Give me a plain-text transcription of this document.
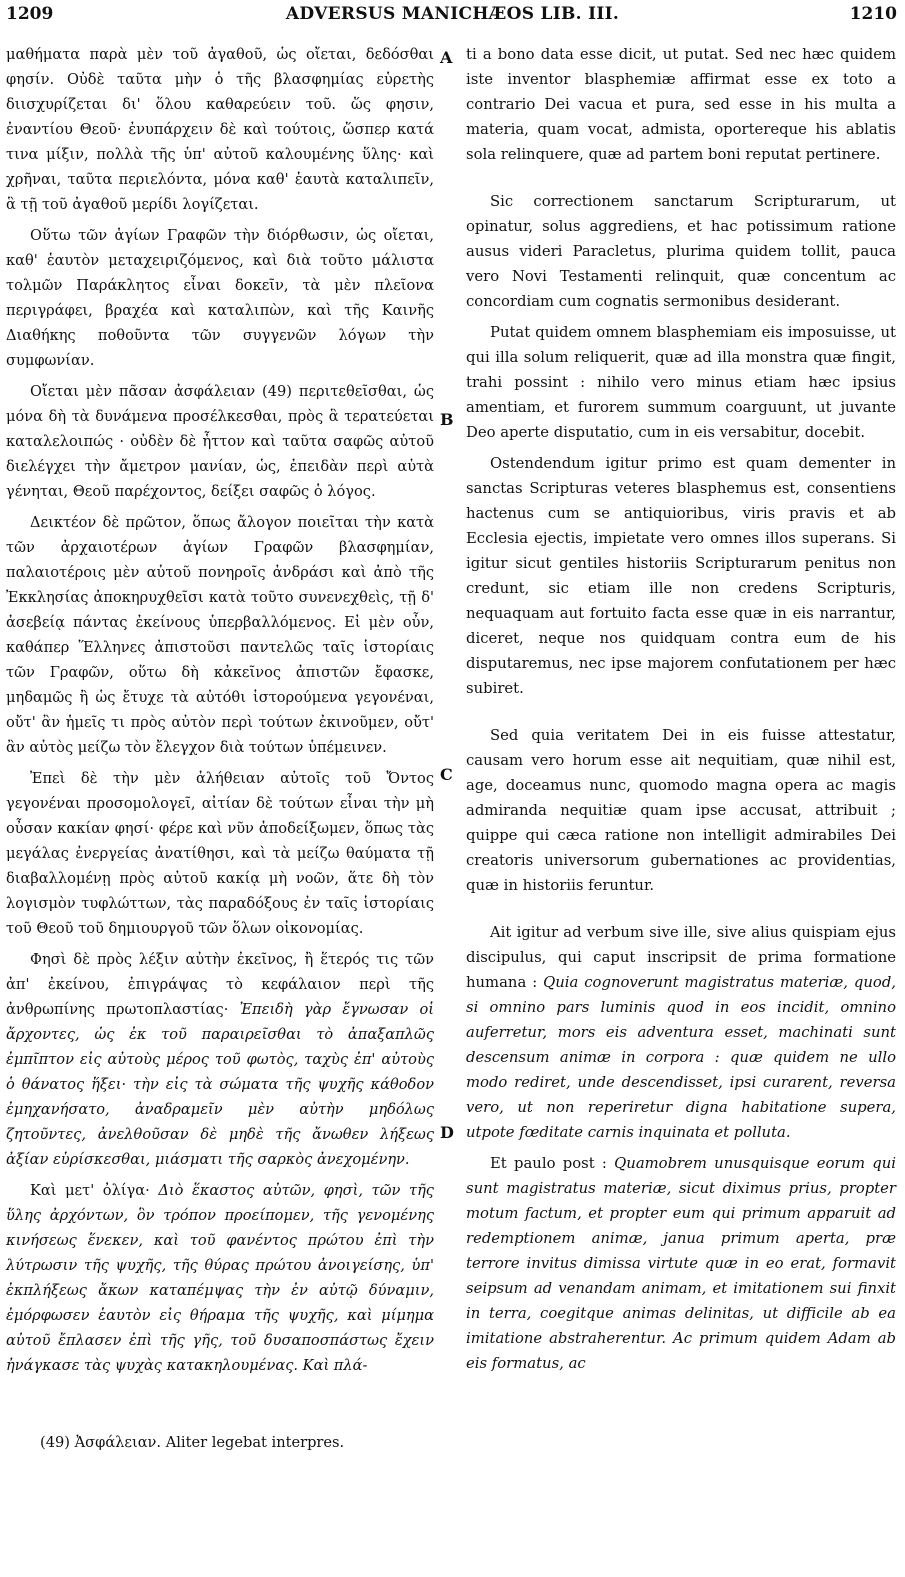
1209	ADVERSUS MANICHÆOS LIB. III.	1210

μαθήματα παρὰ μὲν τοῦ ἀγαθοῦ, ὡς οἴεται, δεδόσθαι φησίν. Οὐδὲ ταῦτα μὴν ὁ τῆς βλασφημίας εὑρετὴς διισχυρίζεται δι' ὅλου καθαρεύειν τοῦ. ὥς φησιν, ἐναντίου Θεοῦ· ἐνυπάρχειν δὲ καὶ τούτοις, ὥσπερ κατά τινα μίξιν, πολλὰ τῆς ὑπ' αὐτοῦ καλουμένης ὕλης· καὶ χρῆναι, ταῦτα περιελόντα, μόνα καθ' ἑαυτὰ καταλιπεῖν, ἃ τῇ τοῦ ἀγαθοῦ μερίδι λογίζεται.

Οὕτω τῶν ἁγίων Γραφῶν τὴν διόρθωσιν, ὡς οἴεται, καθ' ἑαυτὸν μεταχειριζόμενος, καὶ διὰ τοῦτο μάλιστα τολμῶν Παράκλητος εἶναι δοκεῖν, τὰ μὲν πλεῖονα περιγράφει, βραχέα καὶ καταλιπὼν, καὶ τῆς Καινῆς Διαθήκης ποθοῦντα τῶν συγγενῶν λόγων τὴν συμφωνίαν.

Οἴεται μὲν πᾶσαν ἀσφάλειαν (49) περιτεθεῖσθαι, ὡς μόνα δὴ τὰ δυνάμενα προσέλκεσθαι, πρὸς ἃ τερατεύεται καταλελοιπώς · οὐδὲν δὲ ἧττον καὶ ταῦτα σαφῶς αὐτοῦ διελέγχει τὴν ἄμετρον μανίαν, ὡς, ἐπειδὰν περὶ αὐτὰ γένηται, Θεοῦ παρέχοντος, δείξει σαφῶς ὁ λόγος.

Δεικτέον δὲ πρῶτον, ὅπως ἄλογον ποιεῖται τὴν κατὰ τῶν ἀρχαιοτέρων ἁγίων Γραφῶν βλασφημίαν, παλαιοτέροις μὲν αὐτοῦ πονηροῖς ἀνδράσι καὶ ἀπὸ τῆς Ἐκκλησίας ἀποκηρυχθεῖσι κατὰ τοῦτο συνενεχθεὶς, τῇ δ' ἀσεβείᾳ πάντας ἐκείνους ὑπερβαλλόμενος. Εἰ μὲν οὖν, καθάπερ Ἕλληνες ἀπιστοῦσι παντελῶς ταῖς ἱστορίαις τῶν Γραφῶν, οὕτω δὴ κἀκεῖνος ἀπιστῶν ἔφασκε, μηδαμῶς ἢ ὡς ἔτυχε τὰ αὐτόθι ἱστορούμενα γεγονέναι, οὔτ' ἂν ἡμεῖς τι πρὸς αὐτὸν περὶ τούτων ἐκινοῦμεν, οὔτ' ἂν αὐτὸς μείζω τὸν ἔλεγχον διὰ τούτων ὑπέμεινεν.

Ἐπεὶ δὲ τὴν μὲν ἀλήθειαν αὐτοῖς τοῦ Ὄντος γεγονέναι προσομολογεῖ, αἰτίαν δὲ τούτων εἶναι τὴν μὴ οὖσαν κακίαν φησί· φέρε καὶ νῦν ἀποδείξωμεν, ὅπως τὰς μεγάλας ἐνεργείας ἀνατίθησι, καὶ τὰ μείζω θαύματα τῇ διαβαλλομένῃ πρὸς αὐτοῦ κακίᾳ μὴ νοῶν, ἅτε δὴ τὸν λογισμὸν τυφλώττων, τὰς παραδόξους ἐν ταῖς ἱστορίαις τοῦ Θεοῦ τοῦ δημιουργοῦ τῶν ὅλων οἰκονομίας.

Φησὶ δὲ πρὸς λέξιν αὐτὴν ἐκεῖνος, ἢ ἕτερός τις τῶν ἀπ' ἐκείνου, ἐπιγράψας τὸ κεφάλαιον περὶ τῆς ἀνθρωπίνης πρωτοπλαστίας· Ἐπειδὴ γὰρ ἔγνωσαν οἱ ἄρχοντες, ὡς ἐκ τοῦ παραιρεῖσθαι τὸ ἀπαξαπλῶς ἐμπῖπτον εἰς αὐτοὺς μέρος τοῦ φωτὸς, ταχὺς ἐπ' αὐτοὺς ὁ θάνατος ἥξει· τὴν εἰς τὰ σώματα τῆς ψυχῆς κάθοδον ἐμηχανήσατο, ἀναδραμεῖν μὲν αὐτὴν μηδόλως ζητοῦντες, ἀνελθοῦσαν δὲ μηδὲ τῆς ἄνωθεν λήξεως ἀξίαν εὑρίσκεσθαι, μιάσματι τῆς σαρκὸς ἀνεχομένην.

Καὶ μετ' ὀλίγα· Διὸ ἕκαστος αὐτῶν, φησὶ, τῶν τῆς ὕλης ἀρχόντων, ὃν τρόπον προείπομεν, τῆς γενομένης κινήσεως ἕνεκεν, καὶ τοῦ φανέντος πρώτου ἐπὶ τὴν λύτρωσιν τῆς ψυχῆς, τῆς θύρας πρώτου ἀνοιγείσης, ὑπ' ἐκπλήξεως ἄκων καταπέμψας τὴν ἐν αὐτῷ δύναμιν, ἐμόρφωσεν ἑαυτὸν εἰς θήραμα τῆς ψυχῆς, καὶ μίμημα αὐτοῦ ἔπλασεν ἐπὶ τῆς γῆς, τοῦ δυσαποσπάστως ἔχειν ἠνάγκασε τὰς ψυχὰς κατακηλουμένας. Καὶ πλά-

A
B
C
D

ti a bono data esse dicit, ut putat. Sed nec hæc quidem iste inventor blasphemiæ affirmat esse ex toto a contrario Dei vacua et pura, sed esse in his multa a materia, quam vocat, admista, oportereque his ablatis sola relinquere, quæ ad partem boni reputat pertinere.

Sic correctionem sanctarum Scripturarum, ut opinatur, solus aggrediens, et hac potissimum ratione ausus videri Paracletus, plurima quidem tollit, pauca vero Novi Testamenti relinquit, quæ concentum ac concordiam cum cognatis sermonibus desiderant.

Putat quidem omnem blasphemiam eis imposuisse, ut qui illa solum reliquerit, quæ ad illa monstra quæ fingit, trahi possint : nihilo vero minus etiam hæc ipsius amentiam, et furorem summum coarguunt, ut juvante Deo aperte disputatio, cum in eis versabitur, docebit.

Ostendendum igitur primo est quam dementer in sanctas Scripturas veteres blasphemus est, consentiens hactenus cum se antiquioribus, viris pravis et ab Ecclesia ejectis, impietate vero omnes illos superans. Si igitur sicut gentiles historiis Scripturarum penitus non credunt, sic etiam ille non credens Scripturis, nequaquam aut fortuito facta esse quæ in eis narrantur, diceret, neque nos quidquam contra eum de his disputaremus, nec ipse majorem confutationem per hæc subiret.

Sed quia veritatem Dei in eis fuisse attestatur, causam vero horum esse ait nequitiam, quæ nihil est, age, doceamus nunc, quomodo magna opera ac magis admiranda nequitiæ quam ipse accusat, attribuit ; quippe qui cæca ratione non intelligit admirabiles Dei creatoris universorum gubernationes ac providentias, quæ in historiis feruntur.

Ait igitur ad verbum sive ille, sive alius quispiam ejus discipulus, qui caput inscripsit de prima formatione humana : Quia cognoverunt magistratus materiæ, quod, si omnino pars luminis quod in eos incidit, omnino auferretur, mors eis adventura esset, machinati sunt descensum animæ in corpora : quæ quidem ne ullo modo rediret, unde descendisset, ipsi curarent, reversa vero, ut non reperiretur digna habitatione supera, utpote fœditate carnis inquinata et polluta.

Et paulo post : Quamobrem unusquisque eorum qui sunt magistratus materiæ, sicut diximus prius, propter motum factum, et propter eum qui primum apparuit ad redemptionem animæ, janua primum aperta, præ terrore invitus dimissa virtute quæ in eo erat, formavit seipsum ad venandam animam, et imitationem sui finxit in terra, coegitque animas delinitas, ut difficile ab ea imitatione abstraherentur. Ac primum quidem Adam ab eis formatus, ac

(49) Ἀσφάλειαν. Aliter legebat interpres.
